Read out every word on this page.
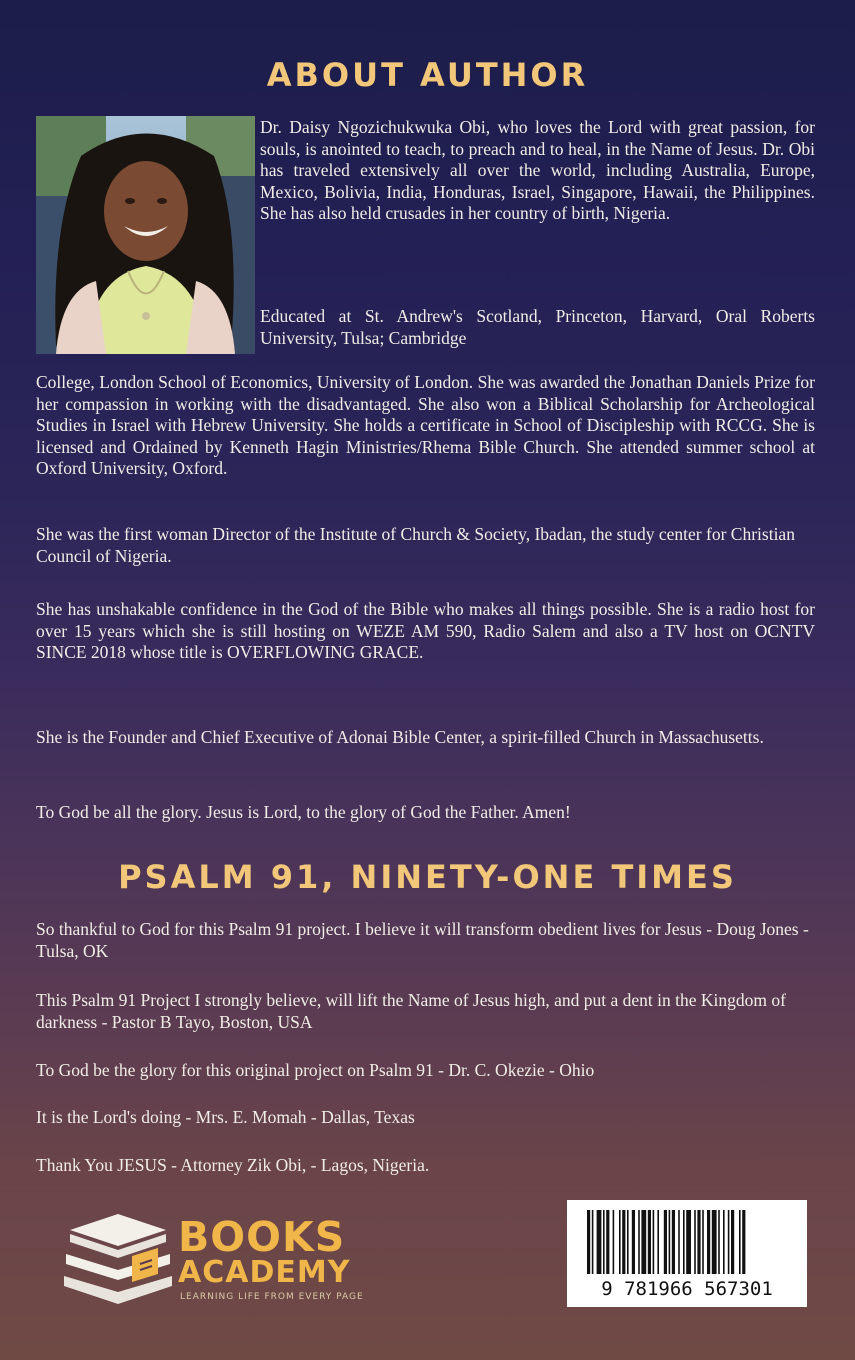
ABOUT AUTHOR

Dr. Daisy Ngozichukwuka Obi, who loves the Lord with great passion, for souls, is anointed to teach, to preach and to heal, in the Name of Jesus. Dr. Obi has traveled extensively all over the world, including Australia, Europe, Mexico, Bolivia, India, Honduras, Israel, Singapore, Hawaii, the Philippines. She has also held crusades in her country of birth, Nigeria.

Educated at St. Andrew's Scotland, Princeton, Harvard, Oral Roberts University, Tulsa; Cambridge

College, London School of Economics, University of London. She was awarded the Jonathan Daniels Prize for her compassion in working with the disadvantaged. She also won a Biblical Scholarship for Archeological Studies in Israel with Hebrew University. She holds a certificate in School of Discipleship with RCCG. She is licensed and Ordained by Kenneth Hagin Ministries/Rhema Bible Church. She attended summer school at Oxford University, Oxford.

She was the first woman Director of the Institute of Church & Society, Ibadan, the study center for Christian Council of Nigeria.

She has unshakable confidence in the God of the Bible who makes all things possible. She is a radio host for over 15 years which she is still hosting on WEZE AM 590, Radio Salem and also a TV host on OCNTV SINCE 2018 whose title is OVERFLOWING GRACE.

She is the Founder and Chief Executive of Adonai Bible Center, a spirit-filled Church in Massachusetts.

To God be all the glory. Jesus is Lord, to the glory of God the Father. Amen!

PSALM 91, NINETY-ONE TIMES

So thankful to God for this Psalm 91 project. I believe it will transform obedient lives for Jesus - Doug Jones - Tulsa, OK

This Psalm 91 Project I strongly believe, will lift the Name of Jesus high, and put a dent in the Kingdom of darkness - Pastor B Tayo, Boston, USA

To God be the glory for this original project on Psalm 91 - Dr. C. Okezie - Ohio

It is the Lord's doing - Mrs. E. Momah - Dallas, Texas

Thank You JESUS - Attorney Zik Obi, - Lagos, Nigeria.

BOOKS
ACADEMY
LEARNING LIFE FROM EVERY PAGE	9 781966 567301
